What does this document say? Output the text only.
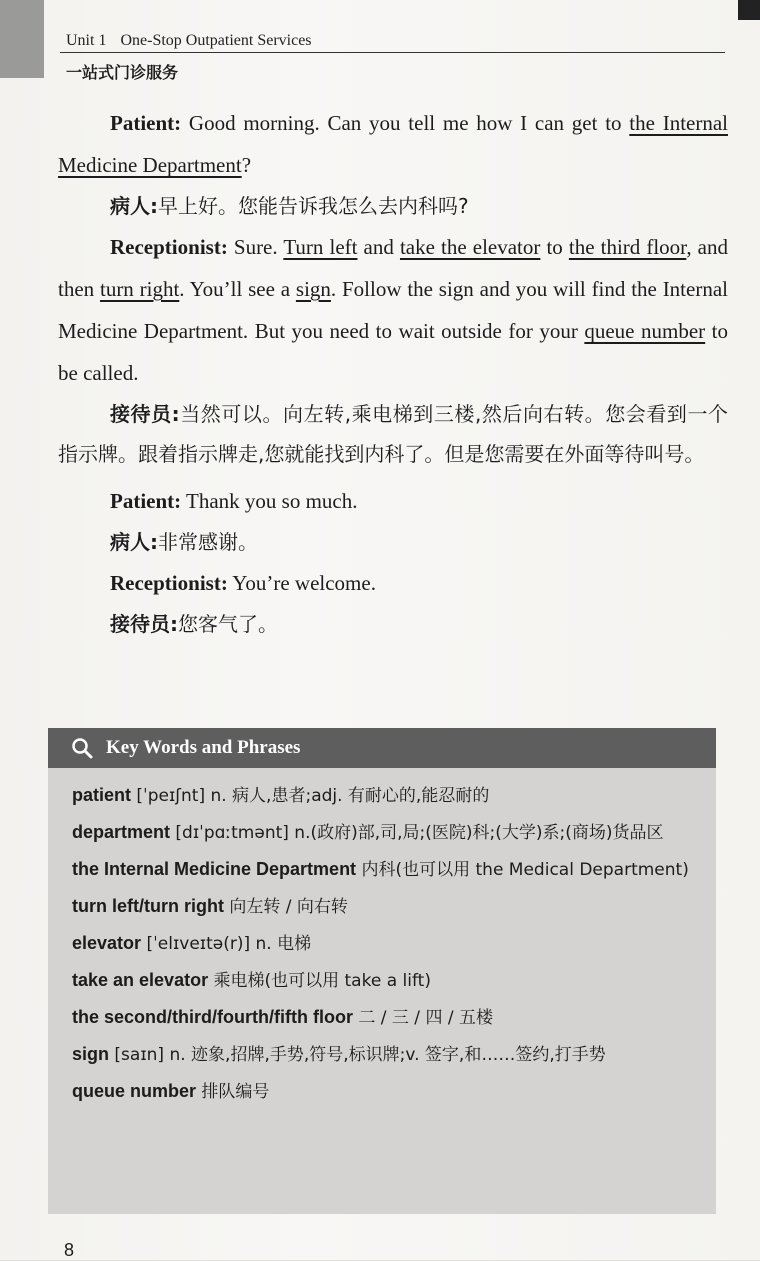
Unit 1 One-Stop Outpatient Services
一站式门诊服务

Patient: Good morning. Can you tell me how I can get to the Internal Medicine Department?

病人:早上好。您能告诉我怎么去内科吗?

Receptionist: Sure. Turn left and take the elevator to the third floor, and then turn right. You’ll see a sign. Follow the sign and you will find the Internal Medicine Department. But you need to wait outside for your queue number to be called.

接待员:当然可以。向左转,乘电梯到三楼,然后向右转。您会看到一个指示牌。跟着指示牌走,您就能找到内科了。但是您需要在外面等待叫号。

Patient: Thank you so much.

病人:非常感谢。

Receptionist: You’re welcome.

接待员:您客气了。

Key Words and Phrases

patient [ˈpeɪʃnt] n. 病人,患者;adj. 有耐心的,能忍耐的

department [dɪˈpɑːtmənt] n.(政府)部,司,局;(医院)科;(大学)系;(商场)货品区

the Internal Medicine Department 内科(也可以用 the Medical Department)

turn left/turn right 向左转 / 向右转

elevator [ˈelɪveɪtə(r)] n. 电梯

take an elevator 乘电梯(也可以用 take a lift)

the second/third/fourth/fifth floor 二 / 三 / 四 / 五楼

sign [saɪn] n. 迹象,招牌,手势,符号,标识牌;v. 签字,和……签约,打手势

queue number 排队编号

8
